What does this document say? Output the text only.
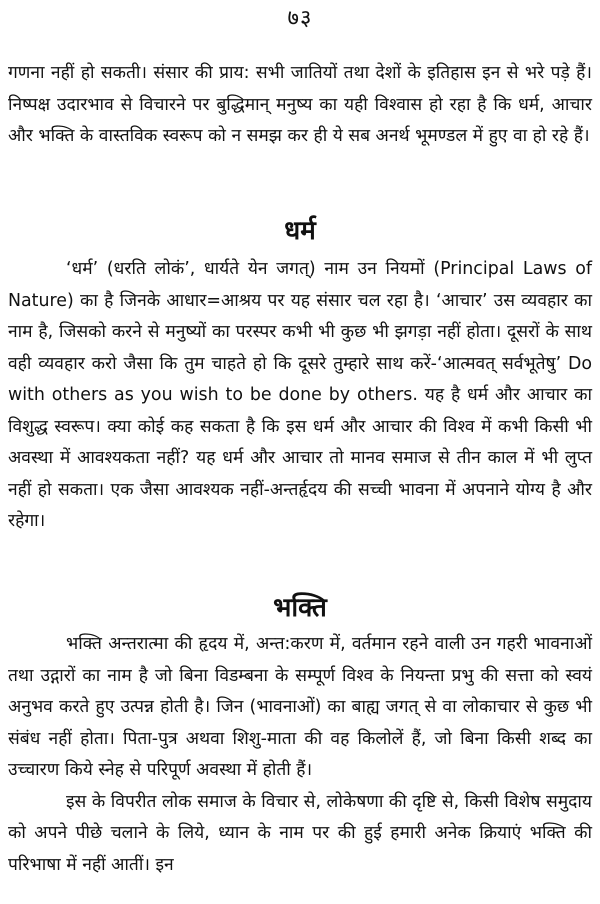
७३

गणना नहीं हो सकती। संसार की प्राय: सभी जातियों तथा देशों के इतिहास इन से भरे पड़े हैं। निष्पक्ष उदारभाव से विचारने पर बुद्धिमान् मनुष्य का यही विश्वास हो रहा है कि धर्म, आचार और भक्ति के वास्तविक स्वरूप को न समझ कर ही ये सब अनर्थ भूमण्डल में हुए वा हो रहे हैं।

धर्म

‘धर्म’ (धरति लोकं’, धार्यते येन जगत्) नाम उन नियमों (Principal Laws of Nature) का है जिनके आधार=आश्रय पर यह संसार चल रहा है। ‘आचार’ उस व्यवहार का नाम है, जिसको करने से मनुष्यों का परस्पर कभी भी कुछ भी झगड़ा नहीं होता। दूसरों के साथ वही व्यवहार करो जैसा कि तुम चाहते हो कि दूसरे तुम्हारे साथ करें-‘आत्मवत् सर्वभूतेषु’ Do with others as you wish to be done by others. यह है धर्म और आचार का विशुद्ध स्वरूप। क्या कोई कह सकता है कि इस धर्म और आचार की विश्व में कभी किसी भी अवस्था में आवश्यकता नहीं? यह धर्म और आचार तो मानव समाज से तीन काल में भी लुप्त नहीं हो सकता। एक जैसा आवश्यक नहीं-अन्तर्हृदय की सच्ची भावना में अपनाने योग्य है और रहेगा।

भक्ति

भक्ति अन्तरात्मा की हृदय में, अन्त:करण में, वर्तमान रहने वाली उन गहरी भावनाओं तथा उद्गारों का नाम है जो बिना विडम्बना के सम्पूर्ण विश्व के नियन्ता प्रभु की सत्ता को स्वयं अनुभव करते हुए उत्पन्न होती है। जिन (भावनाओं) का बाह्य जगत् से वा लोकाचार से कुछ भी संबंध नहीं होता। पिता-पुत्र अथवा शिशु-माता की वह किलोलें हैं, जो बिना किसी शब्द का उच्चारण किये स्नेह से परिपूर्ण अवस्था में होती हैं।

इस के विपरीत लोक समाज के विचार से, लोकेषणा की दृष्टि से, किसी विशेष समुदाय को अपने पीछे चलाने के लिये, ध्यान के नाम पर की हुई हमारी अनेक क्रियाएं भक्ति की परिभाषा में नहीं आतीं। इन
